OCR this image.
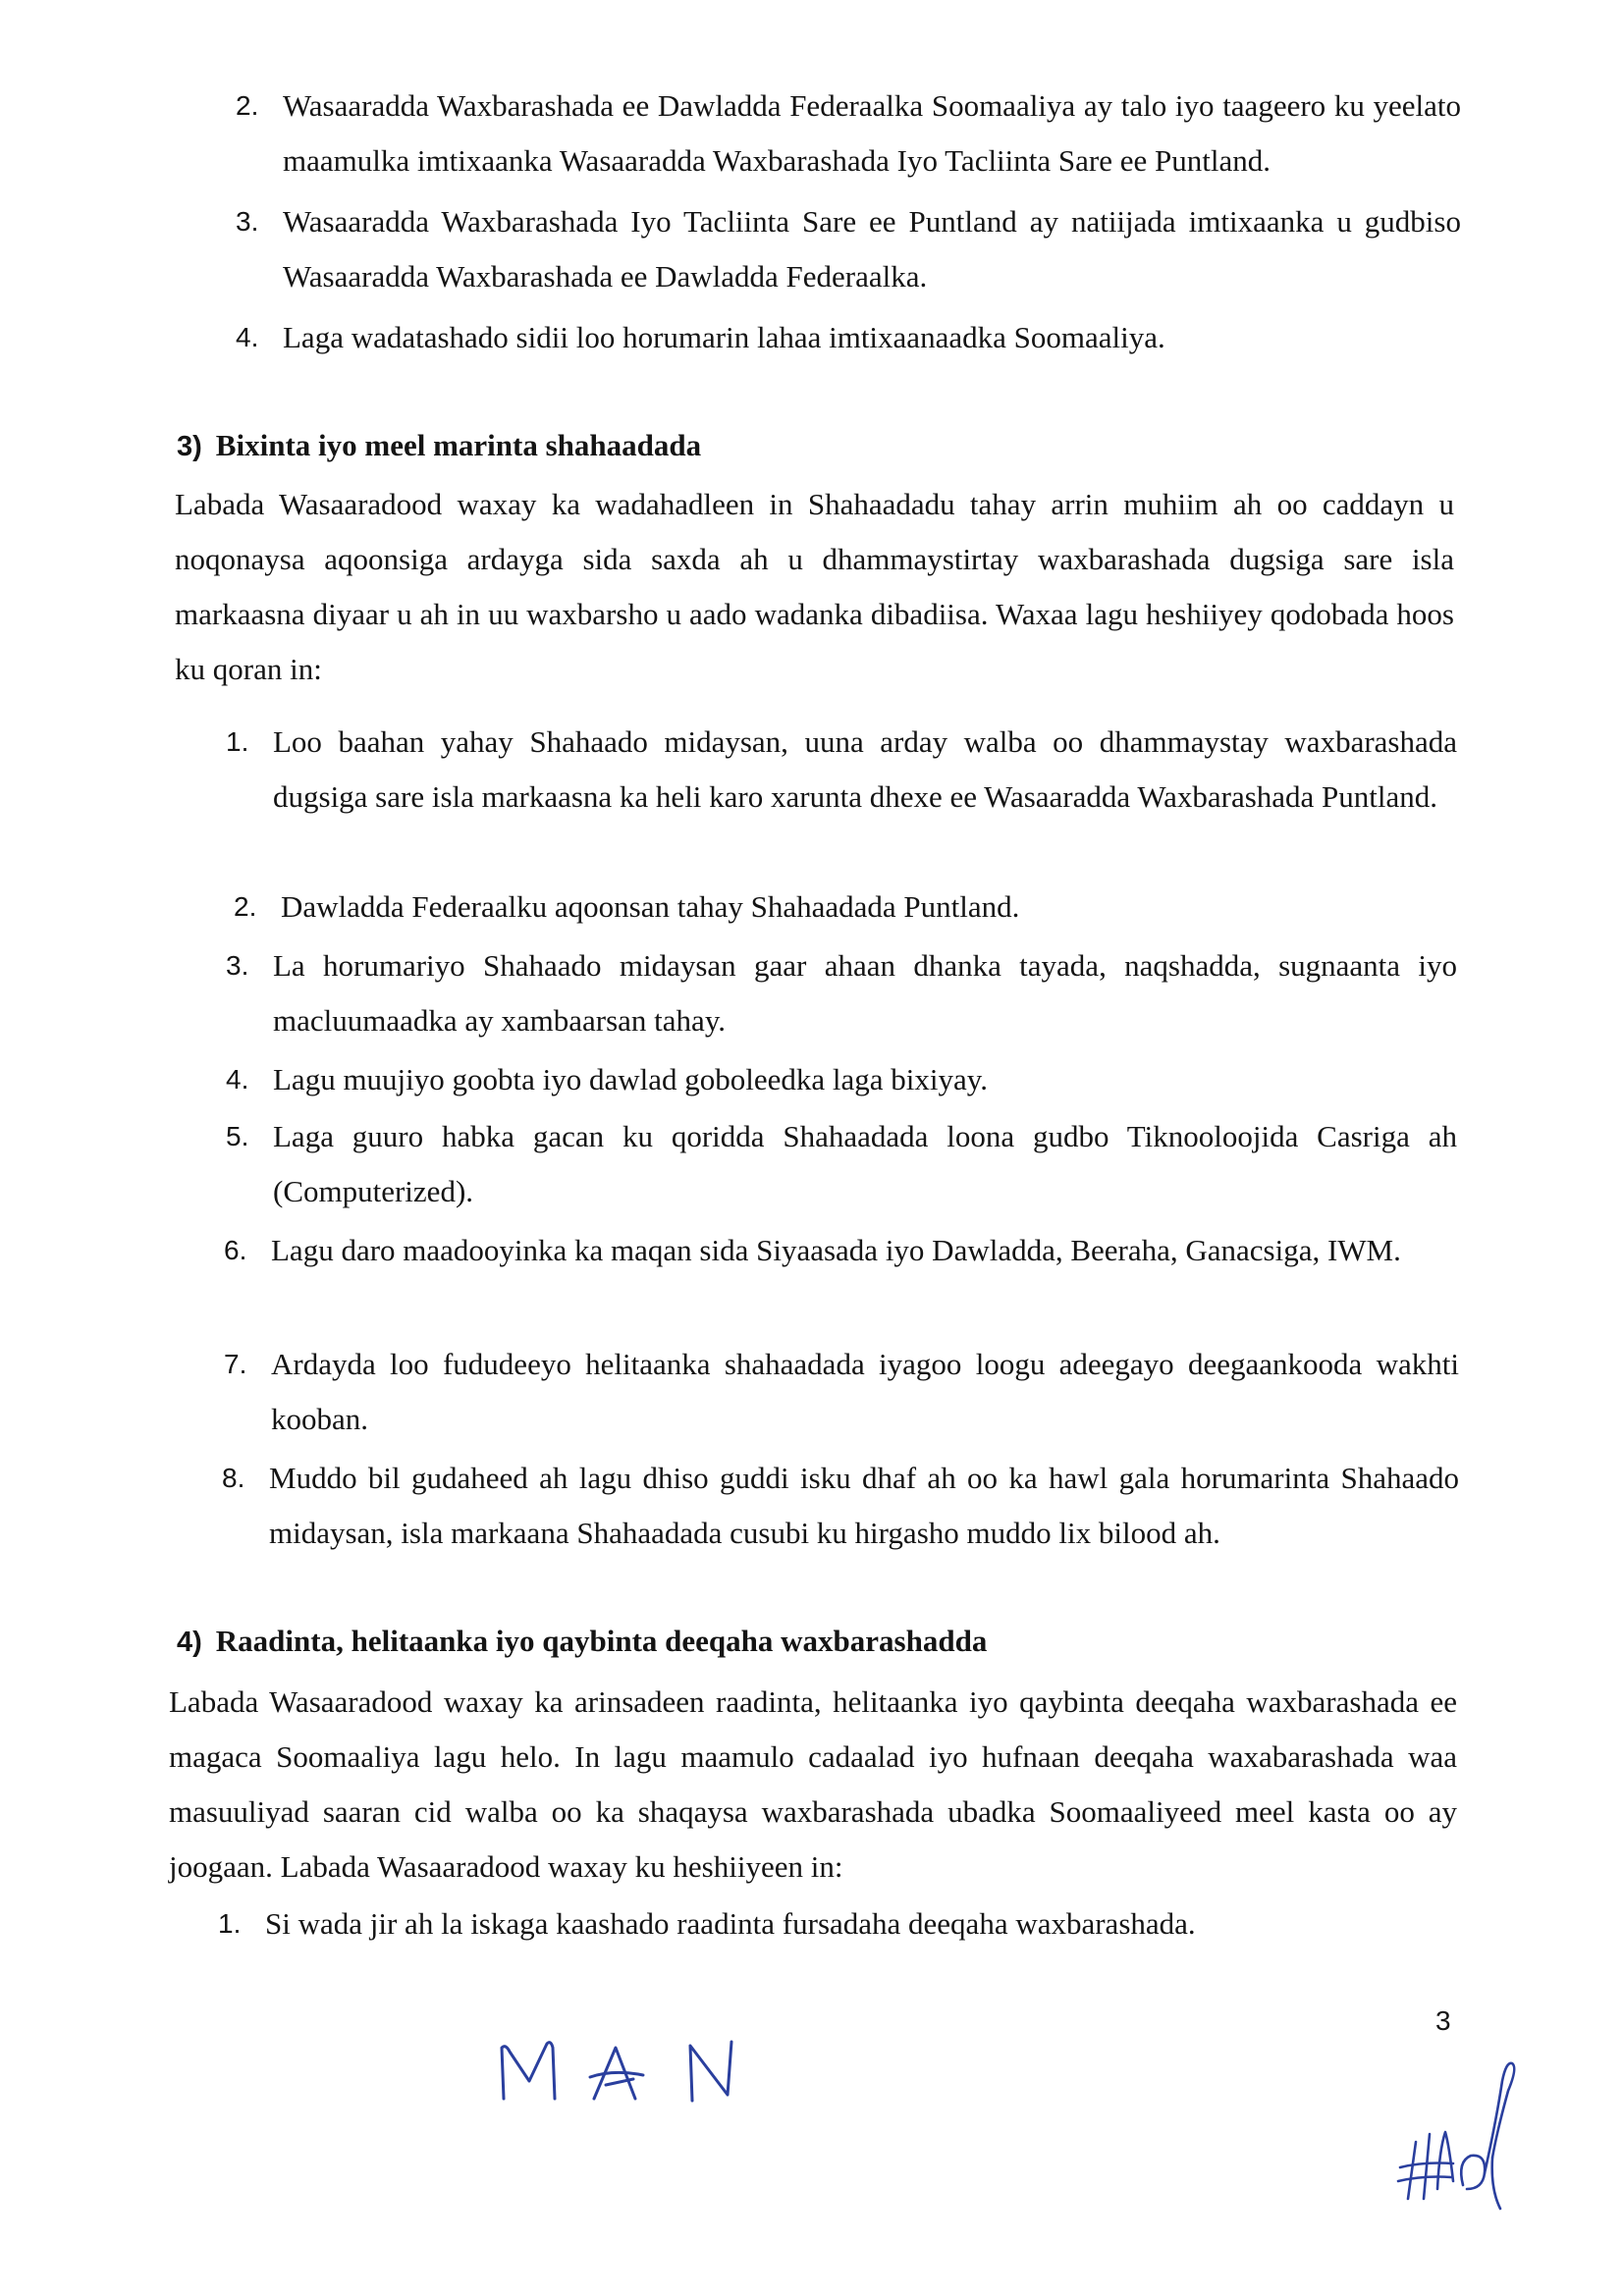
2. Wasaaradda Waxbarashada ee Dawladda Federaalka Soomaaliya ay talo iyo taageero ku yeelato maamulka imtixaanka Wasaaradda Waxbarashada Iyo Tacliinta Sare ee Puntland.
3. Wasaaradda Waxbarashada Iyo Tacliinta Sare ee Puntland ay natiijada imtixaanka u gudbiso Wasaaradda Waxbarashada ee Dawladda Federaalka.
4. Laga wadatashado sidii loo horumarin lahaa imtixaanaadka Soomaaliya.
3) Bixinta iyo meel marinta shahaadada
Labada Wasaaradood waxay ka wadahadleen in Shahaadadu tahay arrin muhiim ah oo caddayn u noqonaysa aqoonsiga ardayga sida saxda ah u dhammaystirtay waxbarashada dugsiga sare isla markaasna diyaar u ah in uu waxbarsho u aado wadanka dibadiisa. Waxaa lagu heshiiyey qodobada hoos ku qoran in:
1. Loo baahan yahay Shahaado midaysan, uuna arday walba oo dhammaystay waxbarashada dugsiga sare isla markaasna ka heli karo xarunta dhexe ee Wasaaradda Waxbarashada Puntland.
2. Dawladda Federaalku aqoonsan tahay Shahaadada Puntland.
3. La horumariyo Shahaado midaysan gaar ahaan dhanka tayada, naqshadda, sugnaanta iyo macluumaadka ay xambaarsan tahay.
4. Lagu muujiyo goobta iyo dawlad goboleedka laga bixiyay.
5. Laga guuro habka gacan ku qoridda Shahaadada loona gudbo Tiknooloojida Casriga ah (Computerized).
6. Lagu daro maadooyinka ka maqan sida Siyaasada iyo Dawladda, Beeraha, Ganacsiga, IWM.
7. Ardayda loo fududeeyo helitaanka shahaadada iyagoo loogu adeegayo deegaankooda wakhti kooban.
8. Muddo bil gudaheed ah lagu dhiso guddi isku dhaf ah oo ka hawl gala horumarinta Shahaado midaysan, isla markaana Shahaadada cusubi ku hirgasho muddo lix bilood ah.
4) Raadinta, helitaanka iyo qaybinta deeqaha waxbarashadda
Labada Wasaaradood waxay ka arinsadeen raadinta, helitaanka iyo qaybinta deeqaha waxbarashada ee magaca Soomaaliya lagu helo. In lagu maamulo cadaalad iyo hufnaan deeqaha waxabarashada waa masuuliyad saaran cid walba oo ka shaqaysa waxbarashada ubadka Soomaaliyeed meel kasta oo ay joogaan. Labada Wasaaradood waxay ku heshiiyeen in:
1. Si wada jir ah la iskaga kaashado raadinta fursadaha deeqaha waxbarashada.
3
